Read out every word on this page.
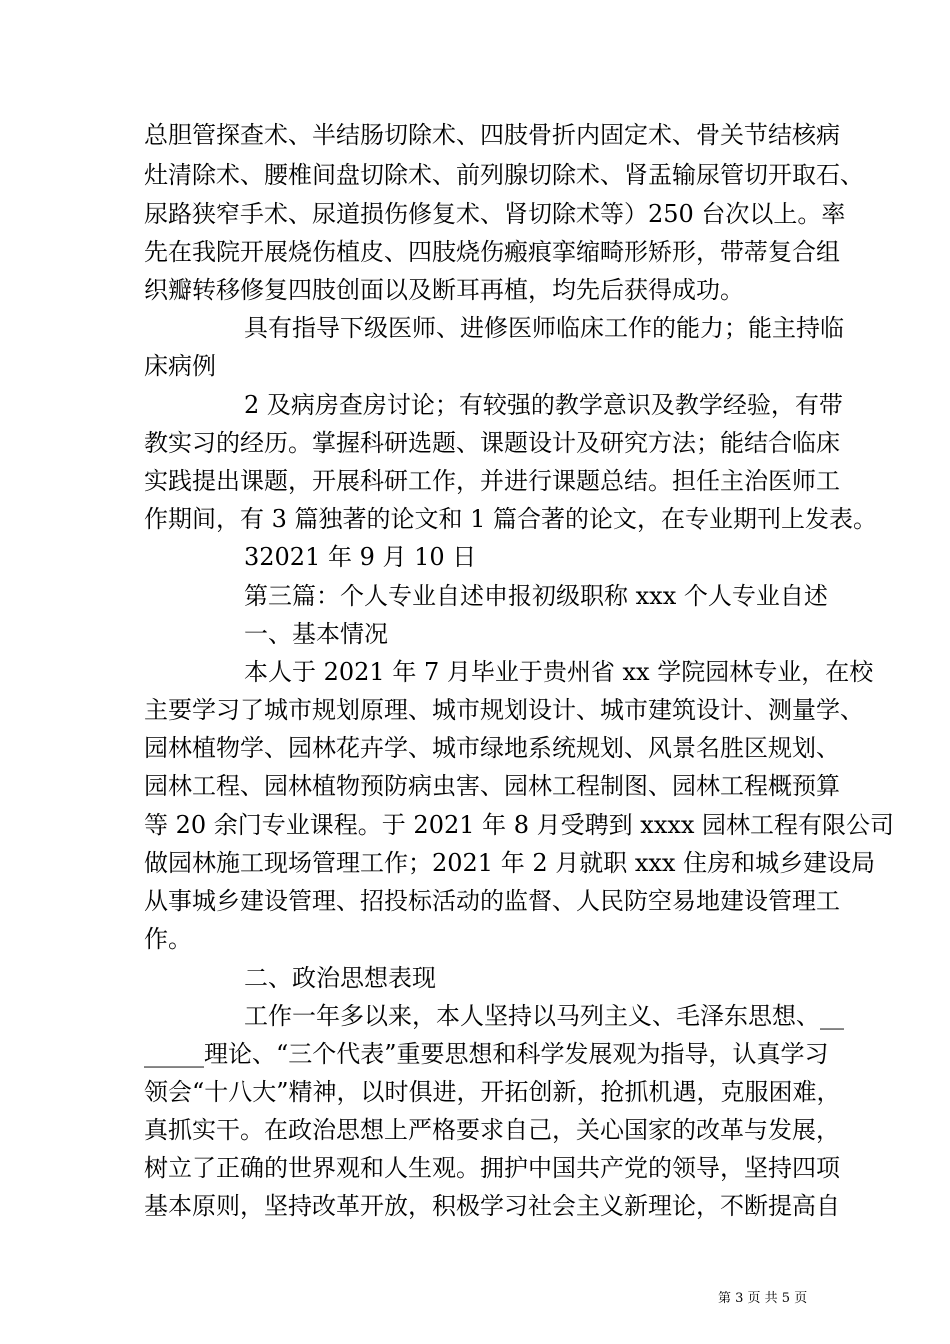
总胆管探查术、半结肠切除术、四肢骨折内固定术、骨关节结核病
灶清除术、腰椎间盘切除术、前列腺切除术、肾盂输尿管切开取石、
尿路狭窄手术、尿道损伤修复术、肾切除术等）250 台次以上。率
先在我院开展烧伤植皮、四肢烧伤瘢痕挛缩畸形矫形，带蒂复合组
织瓣转移修复四肢创面以及断耳再植，均先后获得成功。
具有指导下级医师、进修医师临床工作的能力；能主持临
床病例
2 及病房查房讨论；有较强的教学意识及教学经验，有带
教实习的经历。掌握科研选题、课题设计及研究方法；能结合临床
实践提出课题，开展科研工作，并进行课题总结。担任主治医师工
作期间，有 3 篇独著的论文和 1 篇合著的论文，在专业期刊上发表。
32021 年 9 月 10 日
第三篇：个人专业自述申报初级职称 xxx 个人专业自述
一、基本情况
本人于 2021 年 7 月毕业于贵州省 xx 学院园林专业，在校
主要学习了城市规划原理、城市规划设计、城市建筑设计、测量学、
园林植物学、园林花卉学、城市绿地系统规划、风景名胜区规划、
园林工程、园林植物预防病虫害、园林工程制图、园林工程概预算
等 20 余门专业课程。于 2021 年 8 月受聘到 xxxx 园林工程有限公司
做园林施工现场管理工作；2021 年 2 月就职 xxx 住房和城乡建设局
从事城乡建设管理、招投标活动的监督、人民防空易地建设管理工
作。
二、政治思想表现
工作一年多以来，本人坚持以马列主义、毛泽东思想、__
_____理论、“三个代表”重要思想和科学发展观为指导，认真学习
领会“十八大”精神，以时俱进，开拓创新，抢抓机遇，克服困难，
真抓实干。在政治思想上严格要求自己，关心国家的改革与发展，
树立了正确的世界观和人生观。拥护中国共产党的领导，坚持四项
基本原则，坚持改革开放，积极学习社会主义新理论，不断提高自
第 3 页 共 5 页
